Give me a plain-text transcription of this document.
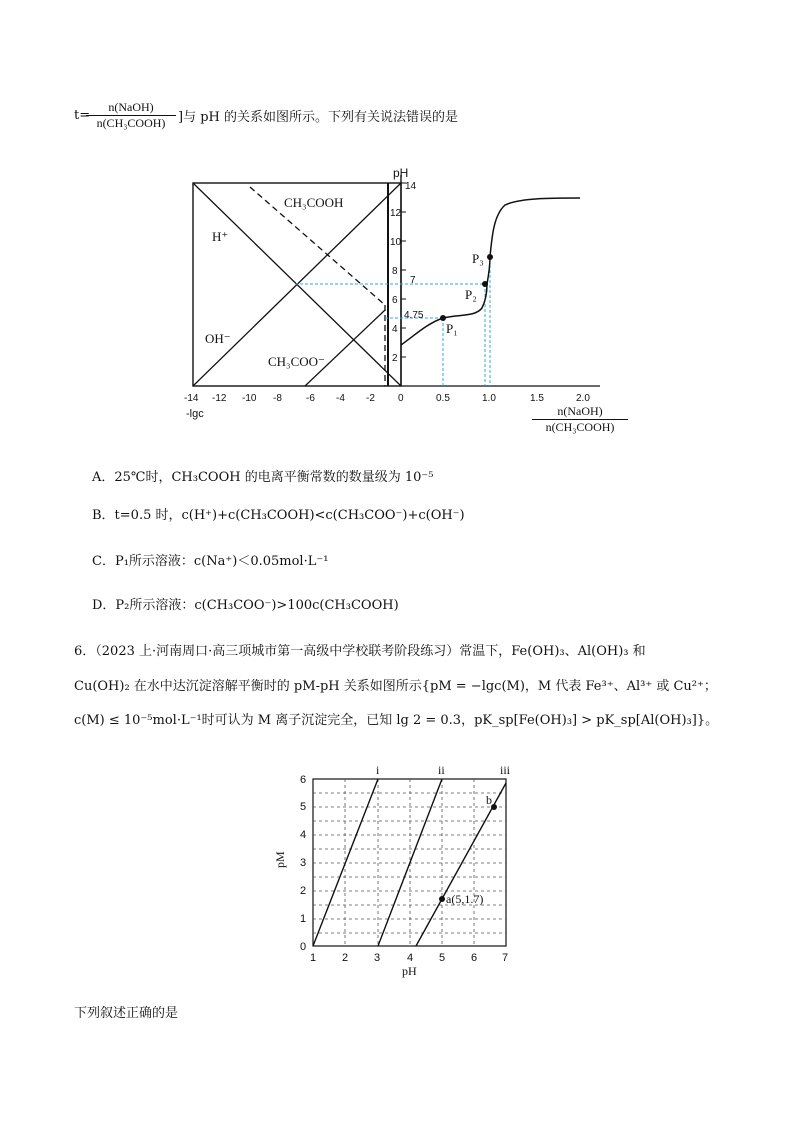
t=
n(NaOH)
n(CH₃COOH) ]与 pH 的关系如图所示。下列有关说法错误的是
pH
14
12
10
8
7
6
4.75
4
2
CH₃COOH
H⁺
OH⁻
CH₃COO⁻
P₁
P₂
P₃
-14 -12 -10 -8 -6 -4 -2 0
-lgc
0.5	1.0	1.5	2.0
n(NaOH)
n(CH₃COOH)
A．25℃时，CH₃COOH 的电离平衡常数的数量级为 10⁻⁵
B．t=0.5 时，c(H⁺)+c(CH₃COOH)<c(CH₃COO⁻)+c(OH⁻)
C．P₁所示溶液：c(Na⁺)＜0.05mol·L⁻¹
D．P₂所示溶液：c(CH₃COO⁻)>100c(CH₃COOH)
6．（2023 上·河南周口·高三项城市第一高级中学校联考阶段练习）常温下，Fe(OH)₃、Al(OH)₃ 和
Cu(OH)₂ 在水中达沉淀溶解平衡时的 pM-pH 关系如图所示{pM = −lgc(M)，M 代表 Fe³⁺、Al³⁺ 或 Cu²⁺；
c(M) ≤ 10⁻⁵mol·L⁻¹时可认为 M 离子沉淀完全，已知 lg 2 = 0.3，pK_sp[Fe(OH)₃] > pK_sp[Al(OH)₃]}。
a(5,1.7)
b
i	ii	iii
0
1
2
3
4
5
6
1 2 3 4 5 6 7
pH
pM
下列叙述正确的是
